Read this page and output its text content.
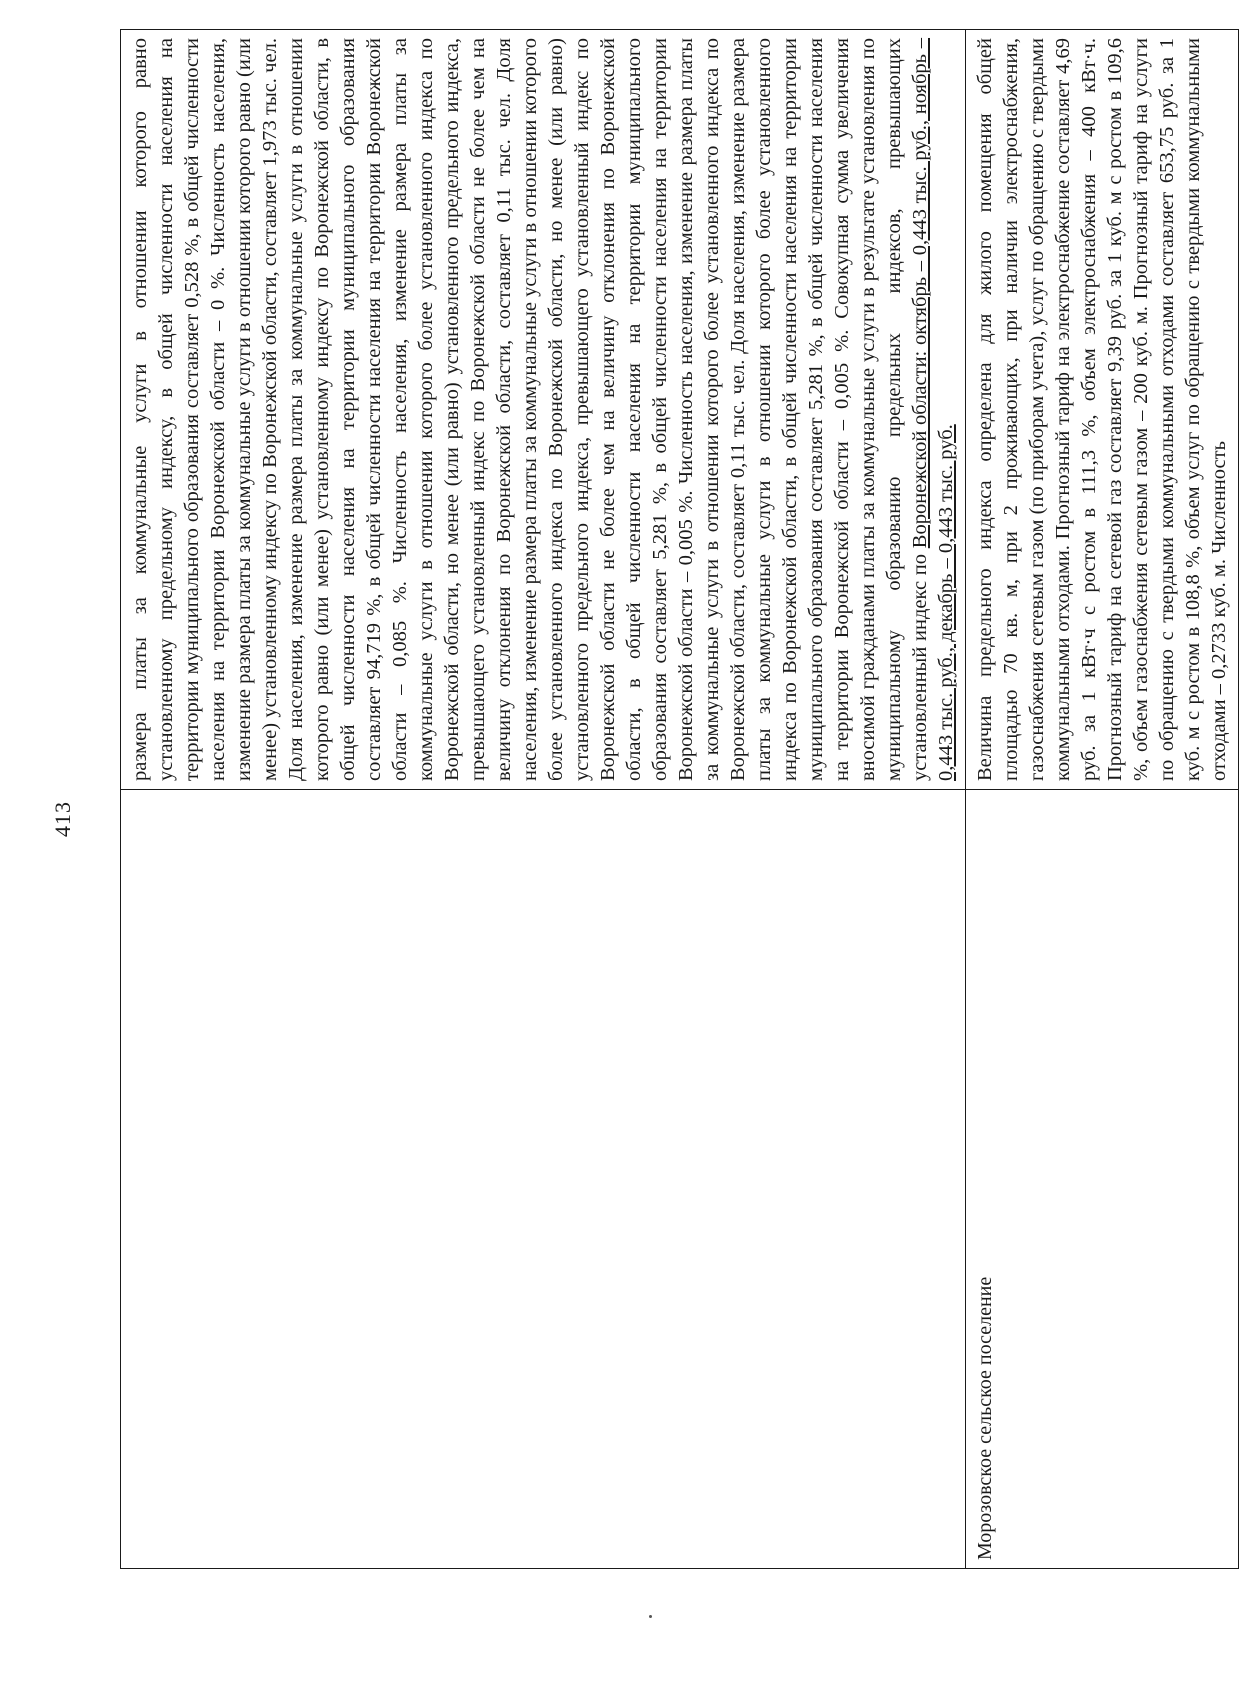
413
	размера платы за коммунальные услуги в отношении которого равно установленному предельному индексу, в общей численности населения на территории муниципального образования составляет 0,528 %, в общей численности населения на территории Воронежской области – 0 %. Численность населения, изменение размера платы за коммунальные услуги в отношении которого равно (или менее) установленному индексу по Воронежской области, составляет 1,973 тыс. чел. Доля населения, изменение размера платы за коммунальные услуги в отношении которого равно (или менее) установленному индексу по Воронежской области, в общей численности населения на территории муниципального образования составляет 94,719 %, в общей численности населения на территории Воронежской области – 0,085 %. Численность населения, изменение размера платы за коммунальные услуги в отношении которого более установленного индекса по Воронежской области, но менее (или равно) установленного предельного индекса, превышающего установленный индекс по Воронежской области не более чем на величину отклонения по Воронежской области, составляет 0,11 тыс. чел. Доля населения, изменение размера платы за коммунальные услуги в отношении которого более установленного индекса по Воронежской области, но менее (или равно) установленного предельного индекса, превышающего установленный индекс по Воронежской области не более чем на величину отклонения по Воронежской области, в общей численности населения на территории муниципального образования составляет 5,281 %, в общей численности населения на территории Воронежской области – 0,005 %. Численность населения, изменение размера платы за коммунальные услуги в отношении которого более установленного индекса по Воронежской области, составляет 0,11 тыс. чел. Доля населения, изменение размера платы за коммунальные услуги в отношении которого более установленного индекса по Воронежской области, в общей численности населения на территории муниципального образования составляет 5,281 %, в общей численности населения на территории Воронежской области – 0,005 %. Совокупная сумма увеличения вносимой гражданами платы за коммунальные услуги в результате установления по муниципальному образованию предельных индексов, превышающих установленный индекс по Воронежской области: октябрь – 0,443 тыс. руб., ноябрь – 0,443 тыс. руб., декабрь – 0,443 тыс. руб.
Морозовское сельское поселение	Величина предельного индекса определена для жилого помещения общей площадью 70 кв. м, при 2 проживающих, при наличии электроснабжения, газоснабжения сетевым газом (по приборам учета), услуг по обращению с твердыми коммунальными отходами. Прогнозный тариф на электроснабжение составляет 4,69 руб. за 1 кВт·ч с ростом в 111,3 %, объем электроснабжения – 400 кВт·ч. Прогнозный тариф на сетевой газ составляет 9,39 руб. за 1 куб. м с ростом в 109,6 %, объем газоснабжения сетевым газом – 200 куб. м. Прогнозный тариф на услуги по обращению с твердыми коммунальными отходами составляет 653,75 руб. за 1 куб. м с ростом в 108,8 %, объем услуг по обращению с твердыми коммунальными отходами – 0,2733 куб. м. Численность
